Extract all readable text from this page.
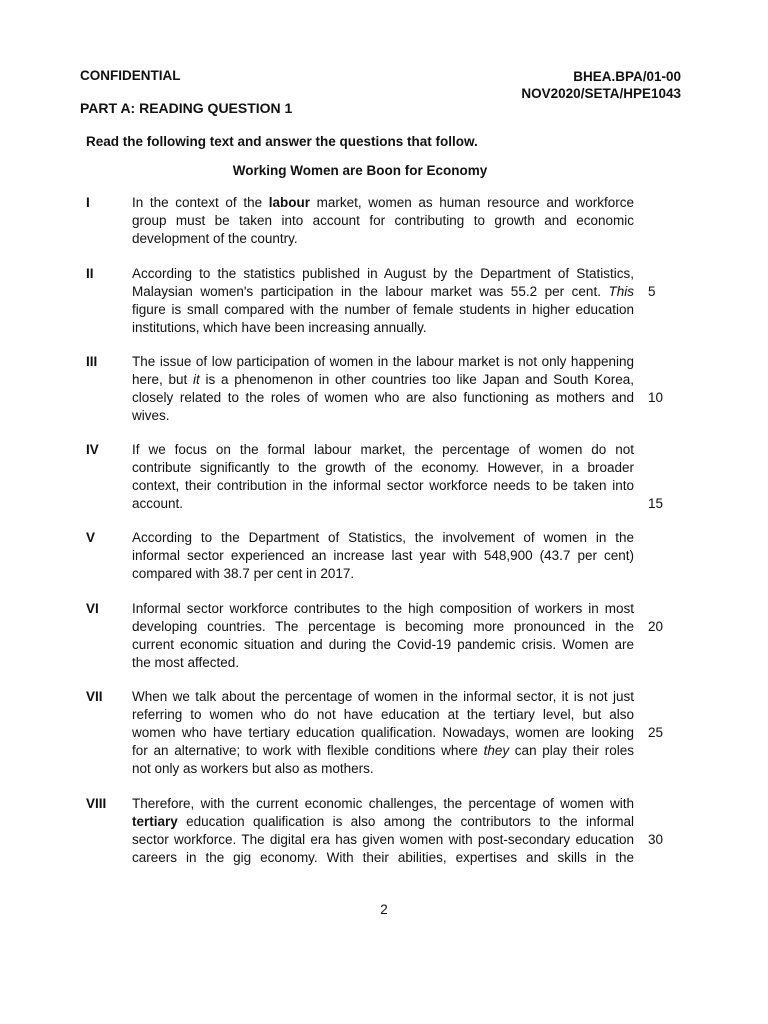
CONFIDENTIAL	BHEA.BPA/01-00
NOV2020/SETA/HPE1043
PART A: READING QUESTION 1
Read the following text and answer the questions that follow.
Working Women are Boon for Economy
I	In the context of the labour market, women as human resource and workforce
group must be taken into account for contributing to growth and economic
development of the country.
II	According to the statistics published in August by the Department of Statistics,
Malaysian women's participation in the labour market was 55.2 per cent. This
figure is small compared with the number of female students in higher education
institutions, which have been increasing annually.
III	The issue of low participation of women in the labour market is not only happening
here, but it is a phenomenon in other countries too like Japan and South Korea,
closely related to the roles of women who are also functioning as mothers and
wives.
IV If we focus on the formal labour market, the percentage of women do not
contribute significantly to the growth of the economy. However, in a broader
context, their contribution in the informal sector workforce needs to be taken into
account.
V	According to the Department of Statistics, the involvement of women in the
informal sector experienced an increase last year with 548,900 (43.7 per cent)
compared with 38.7 per cent in 2017.
VI Informal sector workforce contributes to the high composition of workers in most
developing countries. The percentage is becoming more pronounced in the
current economic situation and during the Covid-19 pandemic crisis. Women are
the most affected.
VII When we talk about the percentage of women in the informal sector, it is not just
referring to women who do not have education at the tertiary level, but also
women who have tertiary education qualification. Nowadays, women are looking
for an alternative; to work with flexible conditions where they can play their roles
not only as workers but also as mothers.
VIII Therefore, with the current economic challenges, the percentage of women with
tertiary education qualification is also among the contributors to the informal
sector workforce. The digital era has given women with post-secondary education
careers in the gig economy. With their abilities, expertises and skills in the
5
10
15
20
25
30
2
